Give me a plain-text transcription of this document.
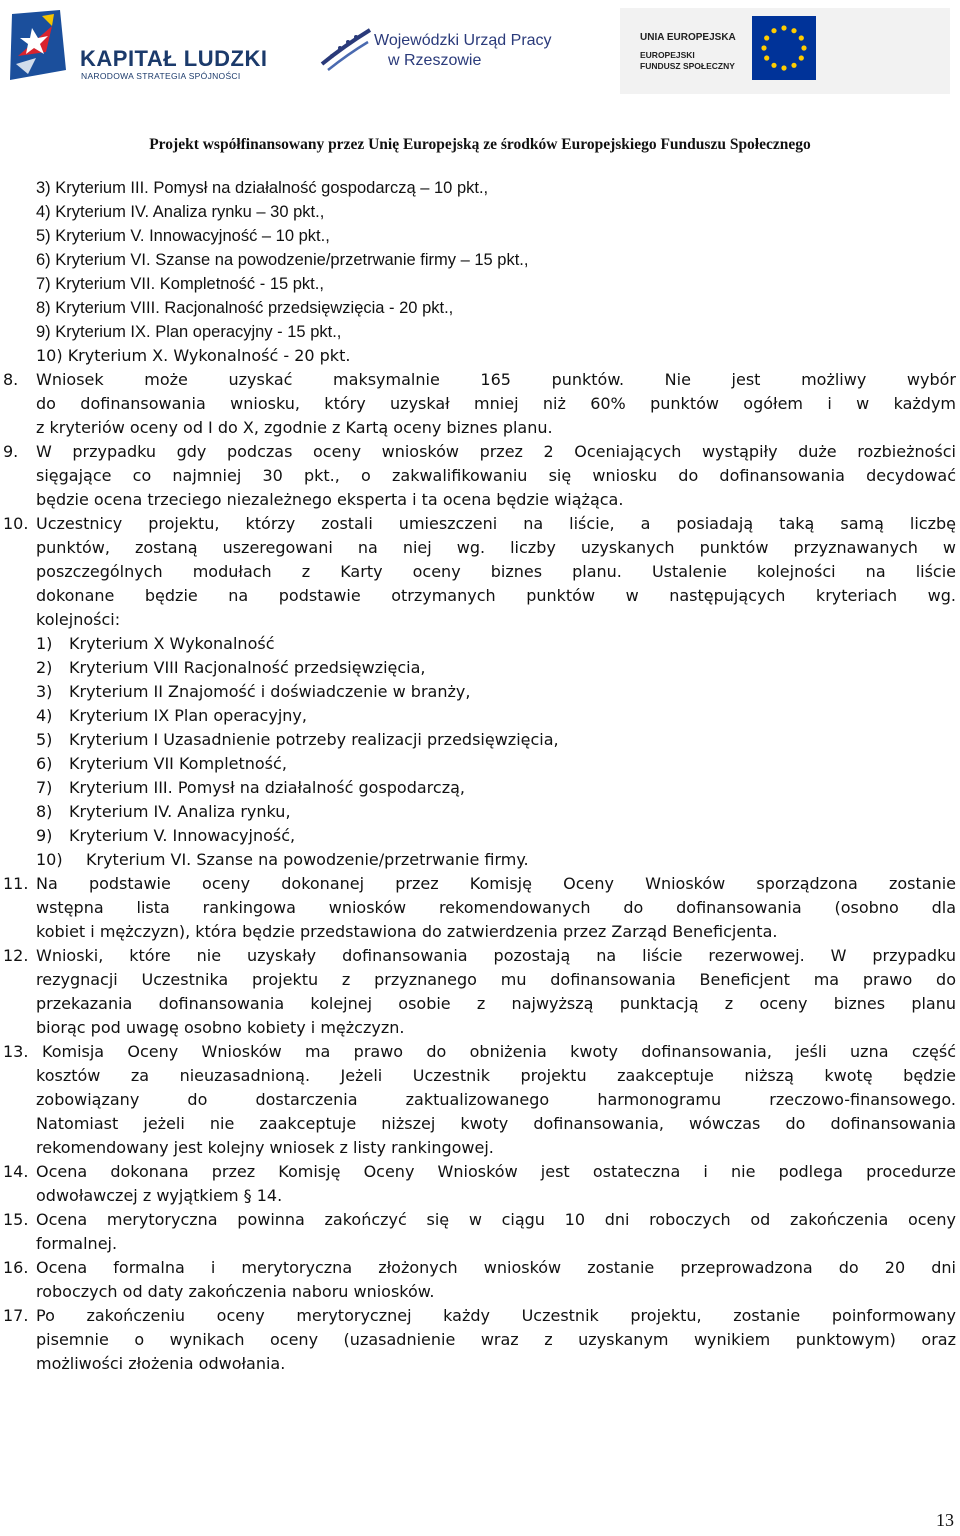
KAPITAŁ LUDZKI
NARODOWA STRATEGIA SPÓJNOŚCI
Wojewódzki Urząd Pracy
w Rzeszowie
UNIA EUROPEJSKA
EUROPEJSKI
FUNDUSZ SPOŁECZNY
Projekt współfinansowany przez Unię Europejską ze środków Europejskiego Funduszu Społecznego
3) Kryterium III. Pomysł na działalność gospodarczą – 10 pkt.,
4) Kryterium IV. Analiza rynku – 30 pkt.,
5) Kryterium V. Innowacyjność – 10 pkt.,
6) Kryterium VI. Szanse na powodzenie/przetrwanie firmy – 15 pkt.,
7) Kryterium VII. Kompletność - 15 pkt.,
8) Kryterium VIII. Racjonalność przedsięwzięcia - 20 pkt.,
9) Kryterium IX. Plan operacyjny - 15 pkt.,
10) Kryterium X. Wykonalność - 20 pkt.
8. Wniosek może uzyskać maksymalnie 165 punktów. Nie jest możliwy wybór
do dofinansowania wniosku, który uzyskał mniej niż 60% punktów ogółem i w każdym
z kryteriów oceny od I do X, zgodnie z Kartą oceny biznes planu.
9. W przypadku gdy podczas oceny wniosków przez 2 Oceniających wystąpiły duże rozbieżności
sięgające co najmniej 30 pkt., o zakwalifikowaniu się wniosku do dofinansowania decydować
będzie ocena trzeciego niezależnego eksperta i ta ocena będzie wiążąca.
10. Uczestnicy projektu, którzy zostali umieszczeni na liście, a posiadają taką samą liczbę
punktów, zostaną uszeregowani na niej wg. liczby uzyskanych punktów przyznawanych w
poszczególnych modułach z Karty oceny biznes planu. Ustalenie kolejności na liście
dokonane będzie na podstawie otrzymanych punktów w następujących kryteriach wg.
kolejności:
1) Kryterium X Wykonalność
2) Kryterium VIII Racjonalność przedsięwzięcia,
3) Kryterium II Znajomość i doświadczenie w branży,
4) Kryterium IX Plan operacyjny,
5) Kryterium I Uzasadnienie potrzeby realizacji przedsięwzięcia,
6) Kryterium VII Kompletność,
7) Kryterium III. Pomysł na działalność gospodarczą,
8) Kryterium IV. Analiza rynku,
9) Kryterium V. Innowacyjność,
10) Kryterium VI. Szanse na powodzenie/przetrwanie firmy.
11. Na podstawie oceny dokonanej przez Komisję Oceny Wniosków sporządzona zostanie
wstępna lista rankingowa wniosków rekomendowanych do dofinansowania (osobno dla
kobiet i mężczyzn), która będzie przedstawiona do zatwierdzenia przez Zarząd Beneficjenta.
12. Wnioski, które nie uzyskały dofinansowania pozostają na liście rezerwowej. W przypadku
rezygnacji Uczestnika projektu z przyznanego mu dofinansowania Beneficjent ma prawo do
przekazania dofinansowania kolejnej osobie z najwyższą punktacją z oceny biznes planu
biorąc pod uwagę osobno kobiety i mężczyzn.
13. Komisja Oceny Wniosków ma prawo do obniżenia kwoty dofinansowania, jeśli uzna część
kosztów za nieuzasadnioną. Jeżeli Uczestnik projektu zaakceptuje niższą kwotę będzie
zobowiązany do dostarczenia zaktualizowanego harmonogramu rzeczowo-finansowego.
Natomiast jeżeli nie zaakceptuje niższej kwoty dofinansowania, wówczas do dofinansowania
rekomendowany jest kolejny wniosek z listy rankingowej.
14. Ocena dokonana przez Komisję Oceny Wniosków jest ostateczna i nie podlega procedurze
odwoławczej z wyjątkiem § 14.
15. Ocena merytoryczna powinna zakończyć się w ciągu 10 dni roboczych od zakończenia oceny
formalnej.
16. Ocena formalna i merytoryczna złożonych wniosków zostanie przeprowadzona do 20 dni
roboczych od daty zakończenia naboru wniosków.
17. Po zakończeniu oceny merytorycznej każdy Uczestnik projektu, zostanie poinformowany
pisemnie o wynikach oceny (uzasadnienie wraz z uzyskanym wynikiem punktowym) oraz
możliwości złożenia odwołania.
13
